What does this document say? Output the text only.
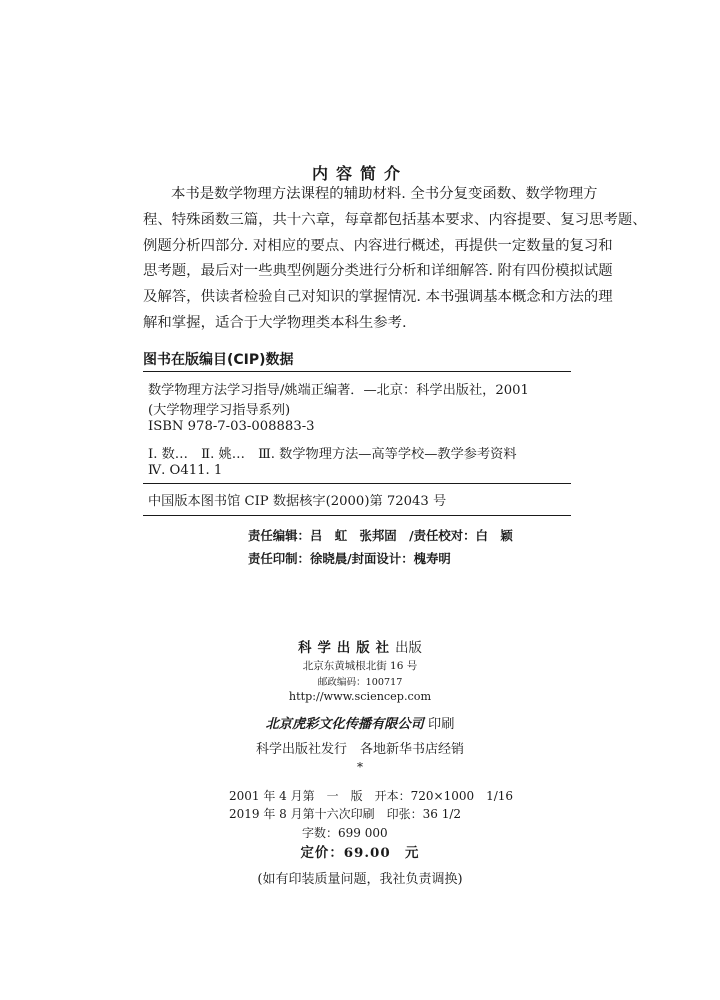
内容简介
本书是数学物理方法课程的辅助材料. 全书分复变函数、数学物理方
程、特殊函数三篇，共十六章，每章都包括基本要求、内容提要、复习思考题、
例题分析四部分. 对相应的要点、内容进行概述，再提供一定数量的复习和
思考题，最后对一些典型例题分类进行分析和详细解答. 附有四份模拟试题
及解答，供读者检验自己对知识的掌握情况. 本书强调基本概念和方法的理
解和掌握，适合于大学物理类本科生参考.
图书在版编目(CIP)数据
数学物理方法学习指导/姚端正编著．—北京：科学出版社，2001
(大学物理学习指导系列)
ISBN 978-7-03-008883-3
Ⅰ. 数…　Ⅱ. 姚…　Ⅲ. 数学物理方法—高等学校—教学参考资料
Ⅳ. O411. 1
中国版本图书馆 CIP 数据核字(2000)第 72043 号
责任编辑：吕　虹　张邦固　/责任校对：白　颖
责任印制：徐晓晨/封面设计：槐寿明
科学出版社出版
北京东黄城根北街 16 号
邮政编码：100717
http://www.sciencep.com
北京虎彩文化传播有限公司 印刷
科学出版社发行　各地新华书店经销
*
2001 年 4 月第　一　版　开本：720×1000　1/16
2019 年 8 月第十六次印刷　印张：36 1/2
字数：699 000
定价：69.00　元
(如有印装质量问题，我社负责调换)
